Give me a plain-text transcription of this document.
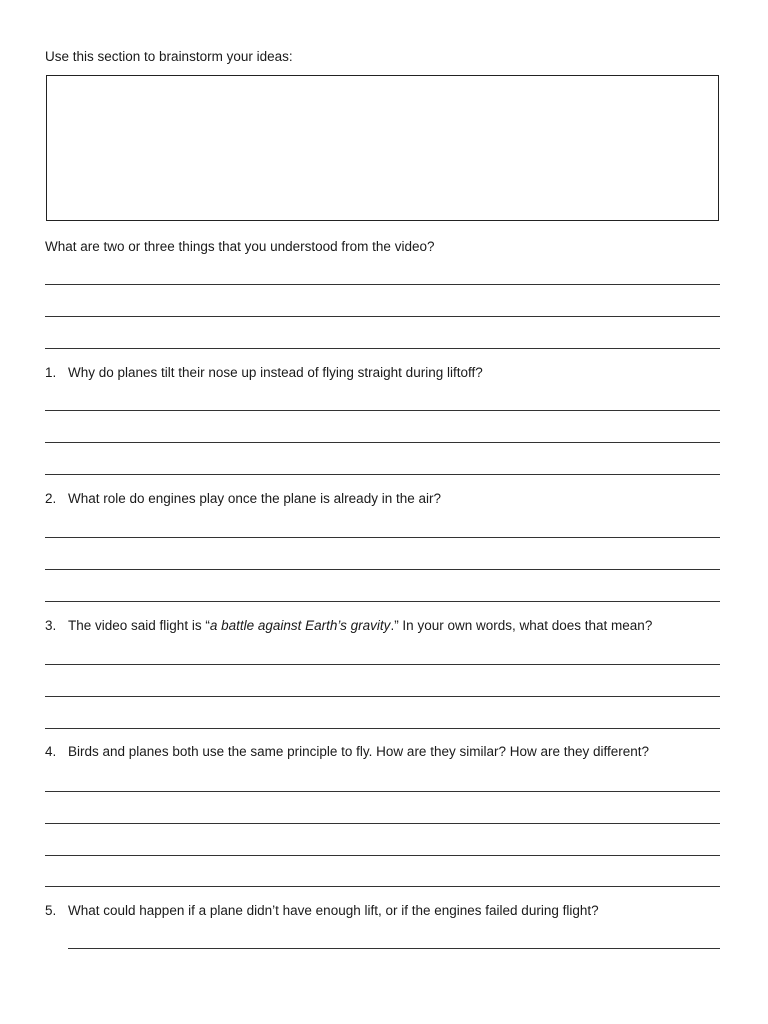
Use this section to brainstorm your ideas:
What are two or three things that you understood from the video?
1. Why do planes tilt their nose up instead of flying straight during liftoff?
2. What role do engines play once the plane is already in the air?
3. The video said flight is “a battle against Earth’s gravity.” In your own words, what does that mean?
4. Birds and planes both use the same principle to fly. How are they similar? How are they different?
5. What could happen if a plane didn’t have enough lift, or if the engines failed during flight?
